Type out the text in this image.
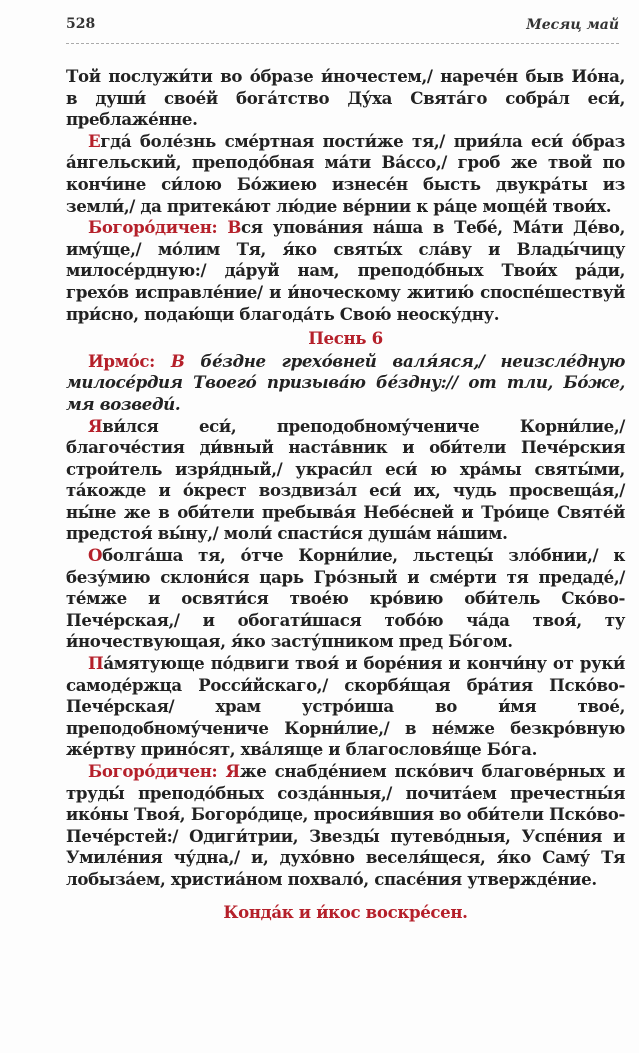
528	Месяц май

Той послужи́ти во о́бразе и́ночестем,/ нарече́н быв Ио́на, в души́ свое́й бога́тство Ду́ха Свята́го собра́л еси́, преблаже́нне.

Егда́ боле́знь сме́ртная пости́же тя,/ прия́ла еси́ о́браз а́нгельский, преподо́бная ма́ти Ва́ссо,/ гроб же твой по конч́ине си́лою Бо́жиею изнесе́н бысть двукра́ты из земли́,/ да притека́ют лю́дие ве́рнии к ра́це моще́й твои́х.

Богоро́дичен: Вся упова́ния на́ша в Тебе́, Ма́ти Де́во, иму́ще,/ мо́лим Тя, я́ко святы́х сла́ву и Влады́чицу милосе́рдную:/ да́руй нам, преподо́бных Твои́х ра́ди, грехо́в исправле́ние/ и и́ноческому житию́ споспе́шествуй при́сно, подаю́щи благода́ть Свою́ неоску́дну.

Песнь 6

Ирмо́с: В бе́здне грехо́вней валя́яся,/ неизсле́дную милосе́рдия Твоего́ призыва́ю бе́здну:// от тли, Бо́же, мя возведи́.

Яви́лся еси́, преподобному́чениче Корни́лие,/ благоче́стия ди́вный наста́вник и оби́тели Пече́рския строи́тель изря́дный,/ украси́л еси́ ю хра́мы святы́ми, та́кожде и о́крест воздвиза́л еси́ их, чудь просвеща́я,/ ны́не же в оби́тели пребыва́я Небе́сней и Тро́ице Святе́й предстоя́ вы́ну,/ моли́ спасти́ся душа́м на́шим.

Оболга́ша тя, о́тче Корни́лие, льстецы́ зло́бнии,/ к безу́мию склони́ся царь Гро́зный и сме́рти тя предаде́,/ те́мже и освяти́ся твое́ю кро́вию оби́тель Ско́во-Пече́рская,/ и обогати́шася тобо́ю ча́да твоя́, ту и́ночествующая, я́ко засту́пником пред Бо́гом.

Па́мятующе по́двиги твоя́ и боре́ния и кончи́ну от руки́ самоде́ржца Росси́йскаго,/ скорбя́щая бра́тия Пско́во-Пече́рская/ храм устро́иша во и́мя твое́, преподобному́чениче Корни́лие,/ в не́мже безкро́вную же́ртву прино́сят, хва́ляще и благословя́ще Бо́га.

Богоро́дичен: Яже снабде́нием пско́вич благове́рных и труды́ преподо́бных созда́нныя,/ почита́ем пречестны́я ико́ны Твоя́, Богоро́дице, просия́вшия во оби́тели Пско́во-Пече́рстей:/ Одиги́трии, Звезды́ путево́дныя, Успе́ния и Умиле́ния чу́дна,/ и, духо́вно веселя́щеся, я́ко Саму́ Тя лобыза́ем, христиа́ном похвало́, спасе́ния утвержде́ние.

Конда́к и и́кос воскре́сен.
